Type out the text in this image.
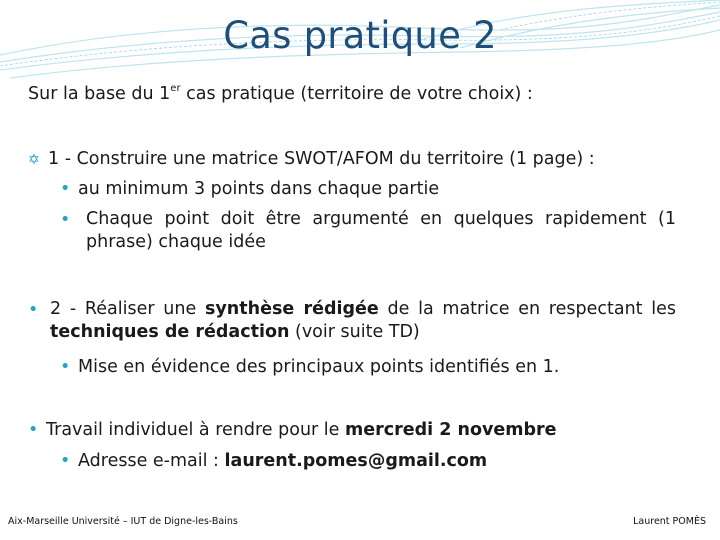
Cas pratique 2
Sur la base du 1er cas pratique (territoire de votre choix) :
✡ 1 - Construire une matrice SWOT/AFOM du territoire (1 page) :
• au minimum 3 points dans chaque partie
• Chaque point doit être argumenté en quelques rapidement (1 phrase) chaque idée
• 2 - Réaliser une synthèse rédigée de la matrice en respectant les techniques de rédaction (voir suite TD)
• Mise en évidence des principaux points identifiés en 1.
• Travail individuel à rendre pour le mercredi 2 novembre
• Adresse e-mail : laurent.pomes@gmail.com
Aix-Marseille Université – IUT de Digne-les-Bains	Laurent POMÈS
